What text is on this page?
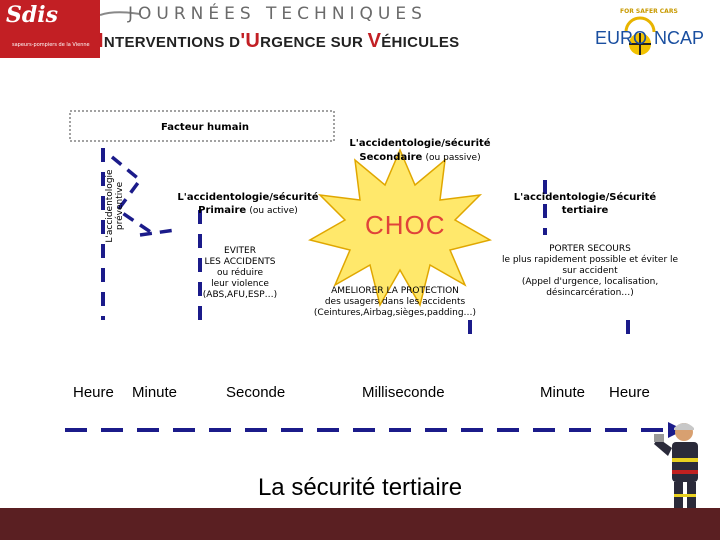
Sdis
sapeurs-pompiers de la Vienne
JOURNÉES TECHNIQUES
INTERVENTIONS D'URGENCE SUR VÉHICULES
FOR SAFER CARS
EURO NCAP
L'accidentologie préventive
Facteur humain
L'accidentologie/sécurité
Secondaire (ou passive)
L'accidentologie/sécurité
Primaire (ou active)
L'accidentologie/Sécurité
tertiaire
CHOC
EVITER
LES ACCIDENTS
ou réduire
leur violence
(ABS,AFU,ESP…)	AMELIORER LA PROTECTION
des usagers dans les accidents
(Ceintures,Airbag,sièges,padding…)
PORTER SECOURS
le plus rapidement possible et éviter le
sur accident
(Appel d'urgence, localisation,
désincarcération…)
Heure Minute	Seconde	Milliseconde	Minute Heure
La sécurité tertiaire
